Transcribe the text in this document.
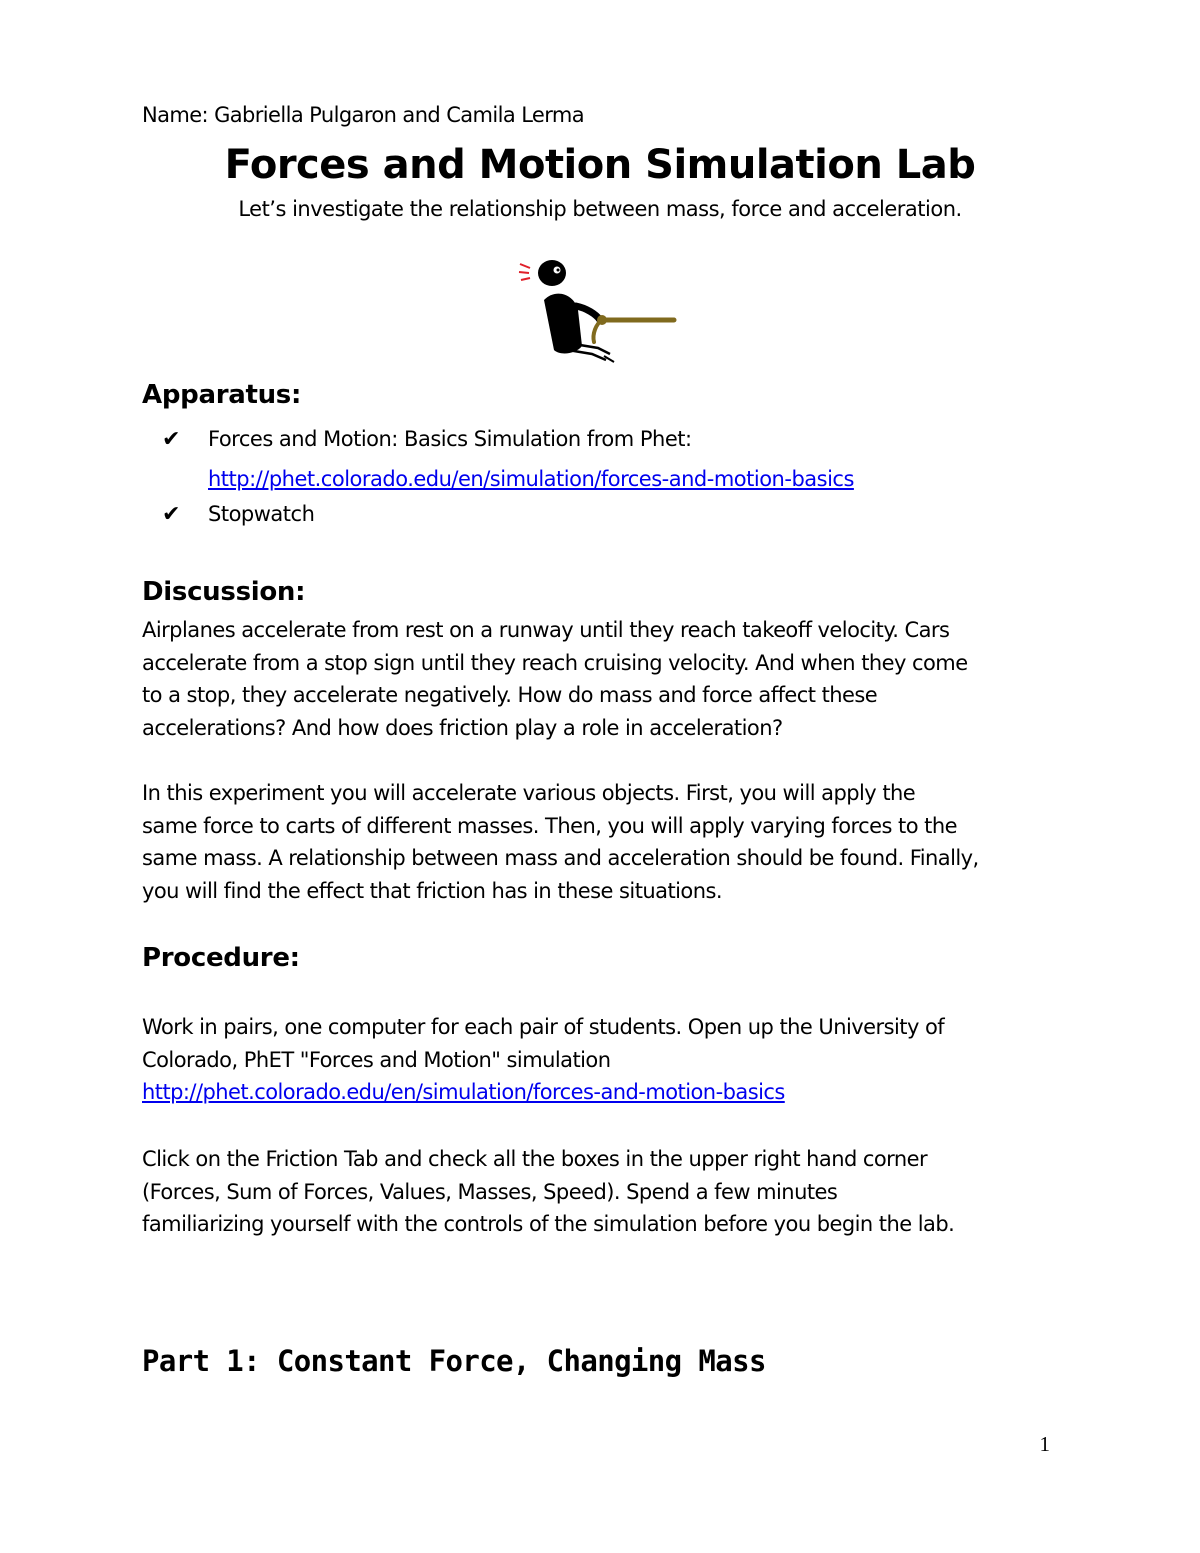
Name: Gabriella Pulgaron and Camila Lerma
Forces and Motion Simulation Lab
Let’s investigate the relationship between mass, force and acceleration.
Apparatus:
✔ Forces and Motion: Basics Simulation from Phet:
http://phet.colorado.edu/en/simulation/forces-and-motion-basics
✔ Stopwatch
Discussion:
Airplanes accelerate from rest on a runway until they reach takeoff velocity. Cars
accelerate from a stop sign until they reach cruising velocity. And when they come
to a stop, they accelerate negatively. How do mass and force affect these
accelerations? And how does friction play a role in acceleration?
In this experiment you will accelerate various objects. First, you will apply the
same force to carts of different masses. Then, you will apply varying forces to the
same mass. A relationship between mass and acceleration should be found. Finally,
you will find the effect that friction has in these situations.
Procedure:
Work in pairs, one computer for each pair of students. Open up the University of
Colorado, PhET "Forces and Motion" simulation
http://phet.colorado.edu/en/simulation/forces-and-motion-basics
Click on the Friction Tab and check all the boxes in the upper right hand corner
(Forces, Sum of Forces, Values, Masses, Speed). Spend a few minutes
familiarizing yourself with the controls of the simulation before you begin the lab.
Part 1: Constant Force, Changing Mass
1
